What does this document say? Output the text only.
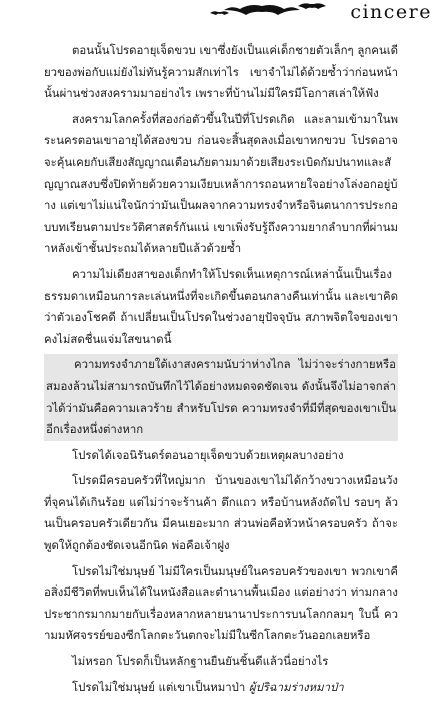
cincere

ตอนนั้นโปรดอายุเจ็ดขวบ เขาซึ่งยังเป็นแค่เด็กชายตัวเล็กๆ ลูกคนเดียวของพ่อกับแม่ยังไม่ทันรู้ความสักเท่าไร เขาจำไม่ได้ด้วยซ้ำว่าก่อนหน้านั้นผ่านช่วงสงครามมาอย่างไร เพราะที่บ้านไม่มีใครมีโอกาสเล่าให้ฟัง

สงครามโลกครั้งที่สองก่อตัวขึ้นในปีที่โปรดเกิด และลามเข้ามาในพระนครตอนเขาอายุได้สองขวบ ก่อนจะสิ้นสุดลงเมื่อเขาหกขวบ โปรดอาจจะคุ้นเคยกับเสียงสัญญาณเตือนภัยตามมาด้วยเสียงระเบิดกัมปนาทและสัญญาณสงบซึ่งปิดท้ายด้วยความเงียบเหล้าการถอนหายใจอย่างโล่งอกอยู่บ้าง แต่เขาไม่แน่ใจนักว่ามันเป็นผลจากความทรงจำหรือจินตนาการประกอบบทเรียนตามประวัติศาสตร์กันแน่ เขาเพิ่งรับรู้ถึงความยากลำบากที่ผ่านมาหลังเข้าชั้นประถมได้หลายปีแล้วด้วยซ้ำ

ความไม่เดียงสาของเด็กทำให้โปรดเห็นเหตุการณ์เหล่านั้นเป็นเรื่องธรรมดาเหมือนการละเล่นหนึ่งที่จะเกิดขึ้นตอนกลางคืนเท่านั้น และเขาคิดว่าตัวเองโชคดี ถ้าเปลี่ยนเป็นโปรดในช่วงอายุปัจจุบัน สภาพจิตใจของเขาคงไม่สดชื่นแจ่มใสขนาดนี้

ความทรงจำภายใต้เงาสงครามนับว่าห่างไกล ไม่ว่าจะร่างกายหรือสมองล้วนไม่สามารถบันทึกไว้ได้อย่างหมดจดชัดเจน ดังนั้นจึงไม่อาจกล่าวได้ว่ามันคือความเลวร้าย สำหรับโปรด ความทรงจำที่มีที่สุดของเขาเป็นอีกเรื่องหนึ่งต่างหาก

โปรดได้เจอนิรันดร์ตอนอายุเจ็ดขวบด้วยเหตุผลบางอย่าง

โปรดมีครอบครัวที่ใหญ่มาก บ้านของเขาไม่ได้กว้างขวางเหมือนวังที่จุคนได้เกินร้อย แต่ไม่ว่าจะร้านค้า ตึกแถว หรือบ้านหลังถัดไป รอบๆ ล้วนเป็นครอบครัวเดียวกัน มีคนเยอะมาก ส่วนพ่อคือหัวหน้าครอบครัว ถ้าจะพูดให้ถูกต้องชัดเจนอีกนิด พ่อคือเจ้าฝูง

โปรดไม่ใช่มนุษย์ ไม่มีใครเป็นมนุษย์ในครอบครัวของเขา พวกเขาคือสิ่งมีชีวิตที่พบเห็นได้ในหนังสือและตำนานพื้นเมือง แต่อย่างว่า ท่ามกลางประชากรมากมายกับเรื่องหลากหลายนานาประการบนโลกกลมๆ ใบนี้ ความมหัศจรรย์ของซีกโลกตะวันตกจะไม่มีในซีกโลกตะวันออกเลยหรือ

ไม่หรอก โปรดก็เป็นหลักฐานยืนยันชิ้นดีแล้วนี่อย่างไร

โปรดไม่ใช่มนุษย์ แต่เขาเป็นหมาป่า ผู้ปริฉามร่างหมาป่า
